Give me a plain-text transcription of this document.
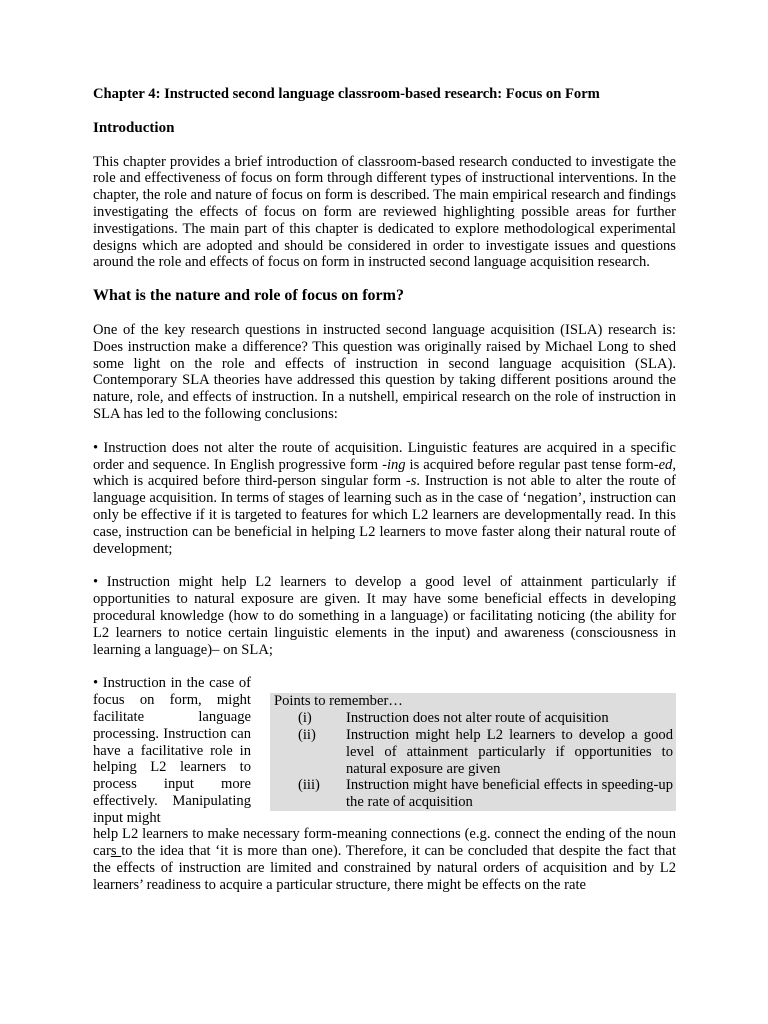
Chapter 4: Instructed second language classroom-based research: Focus on Form
Introduction

This chapter provides a brief introduction of classroom-based research conducted to investigate the role and effectiveness of focus on form through different types of instructional interventions. In the chapter, the role and nature of focus on form is described. The main empirical research and findings investigating the effects of focus on form are reviewed highlighting possible areas for further investigations. The main part of this chapter is dedicated to explore methodological experimental designs which are adopted and should be considered in order to investigate issues and questions around the role and effects of focus on form in instructed second language acquisition research.

What is the nature and role of focus on form?

One of the key research questions in instructed second language acquisition (ISLA) research is: Does instruction make a difference? This question was originally raised by Michael Long to shed some light on the role and effects of instruction in second language acquisition (SLA). Contemporary SLA theories have addressed this question by taking different positions around the nature, role, and effects of instruction. In a nutshell, empirical research on the role of instruction in SLA has led to the following conclusions:

• Instruction does not alter the route of acquisition. Linguistic features are acquired in a specific order and sequence. In English progressive form -ing is acquired before regular past tense form-ed, which is acquired before third-person singular form -s. Instruction is not able to alter the route of language acquisition. In terms of stages of learning such as in the case of ‘negation’, instruction can only be effective if it is targeted to features for which L2 learners are developmentally read. In this case, instruction can be beneficial in helping L2 learners to move faster along their natural route of development;

• Instruction might help L2 learners to develop a good level of attainment particularly if opportunities to natural exposure are given. It may have some beneficial effects in developing procedural knowledge (how to do something in a language) or facilitating noticing (the ability for L2 learners to notice certain linguistic elements in the input) and awareness (consciousness in learning a language)– on SLA;

• Instruction in the case of focus on form, might facilitate language processing. Instruction can have a facilitative role in helping L2 learners to process input more effectively. Manipulating input might
Points to remember…
(i)	Instruction does not alter route of acquisition
(ii)	Instruction might help L2 learners to develop a good level of attainment particularly if opportunities to natural exposure are given
(iii)	Instruction might have beneficial effects in speeding-up the rate of acquisition

help L2 learners to make necessary form-meaning connections (e.g. connect the ending of the noun cars to the idea that ‘it is more than one). Therefore, it can be concluded that despite the fact that the effects of instruction are limited and constrained by natural orders of acquisition and by L2 learners’ readiness to acquire a particular structure, there might be effects on the rate
